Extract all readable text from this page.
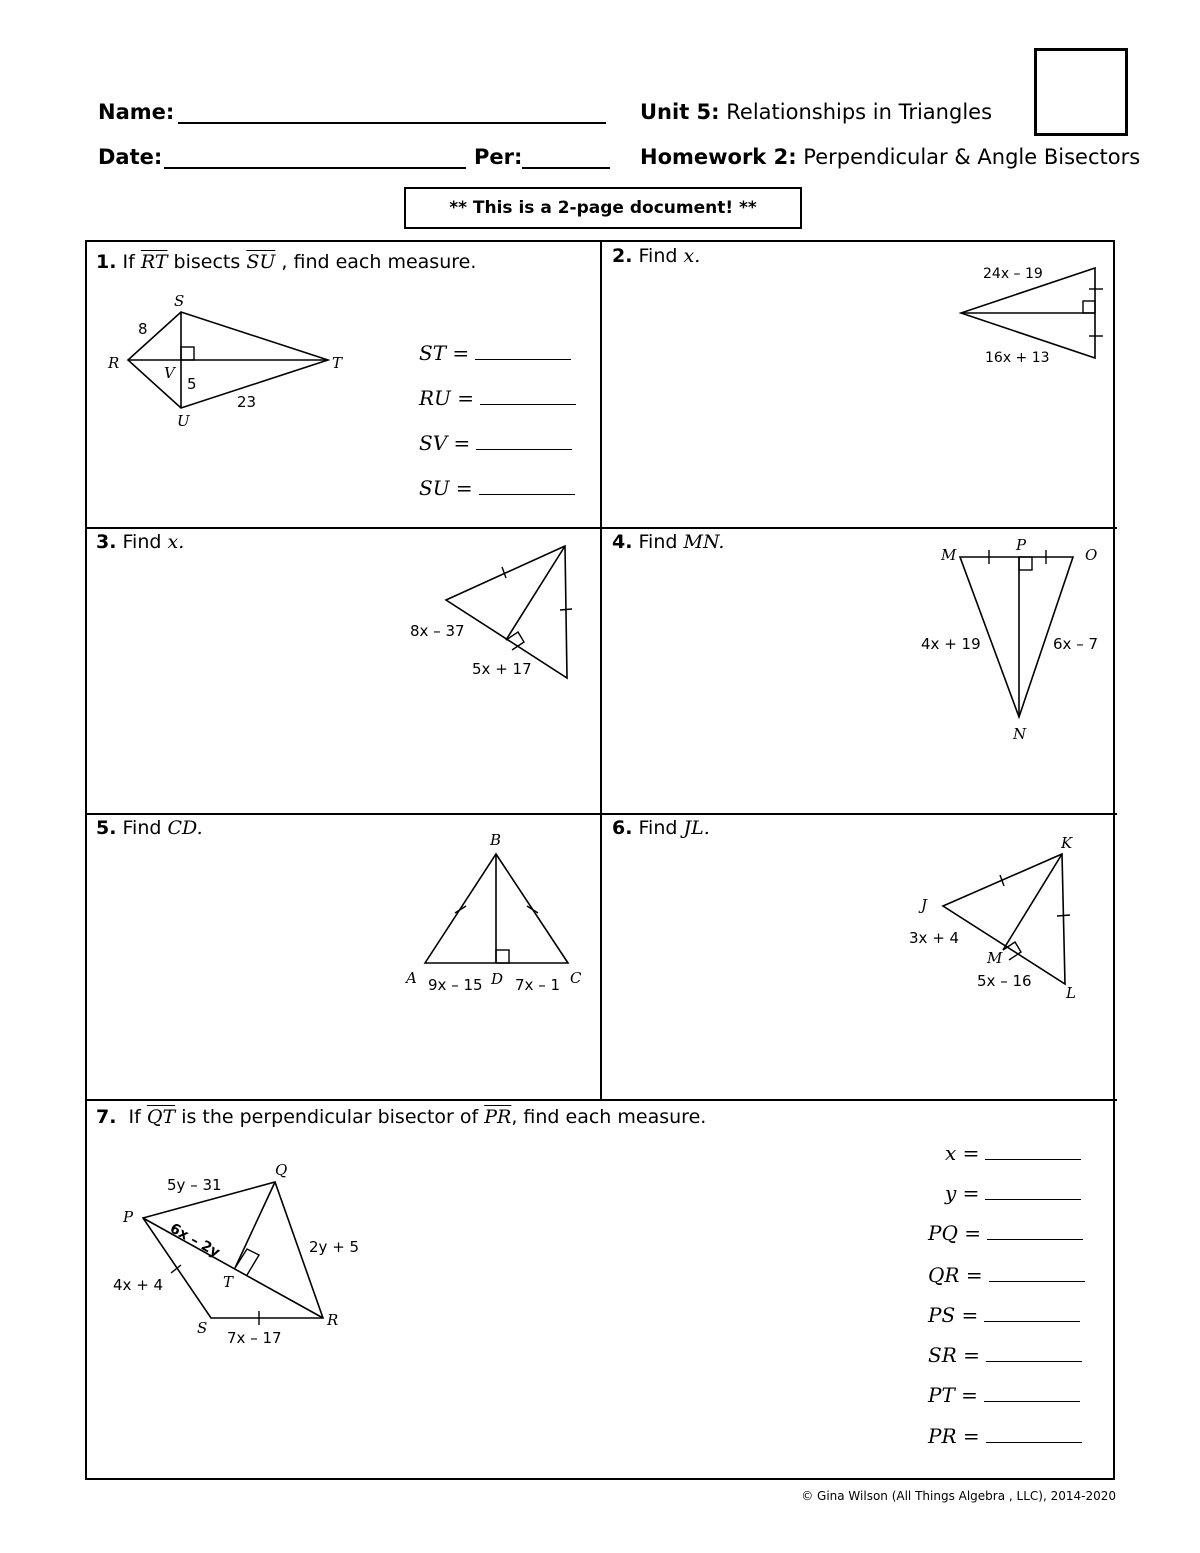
Name:
Date:	Per:
Unit 5: Relationships in Triangles
Homework 2: Perpendicular & Angle Bisectors
** This is a 2-page document! **
1. If $\overline{RT}$ bisects $\overline{SU}$ , find each measure.
S
R
V
U
T
8
5
23
ST =
RU =
SV =
SU =
2. Find x.
24x – 19
16x + 13
3. Find x.
8x – 37
5x + 17
4. Find MN.
M
P
O
N
4x + 19	6x – 7
5. Find CD.
B
A	D	C
9x – 15 7x – 1
6. Find JL.
J
K
L
M
3x + 4
5x – 16
7. If $\overline{QT}$ is the perpendicular bisector of $\overline{PR}$, find each measure.
P
Q
R
S
T
5y – 31
2y + 5
4x + 4
7x – 17
6x – 2y
x =
y =
PQ =
QR =
PS =
SR =
PT =
PR =
© Gina Wilson (All Things Algebra , LLC), 2014-2020
